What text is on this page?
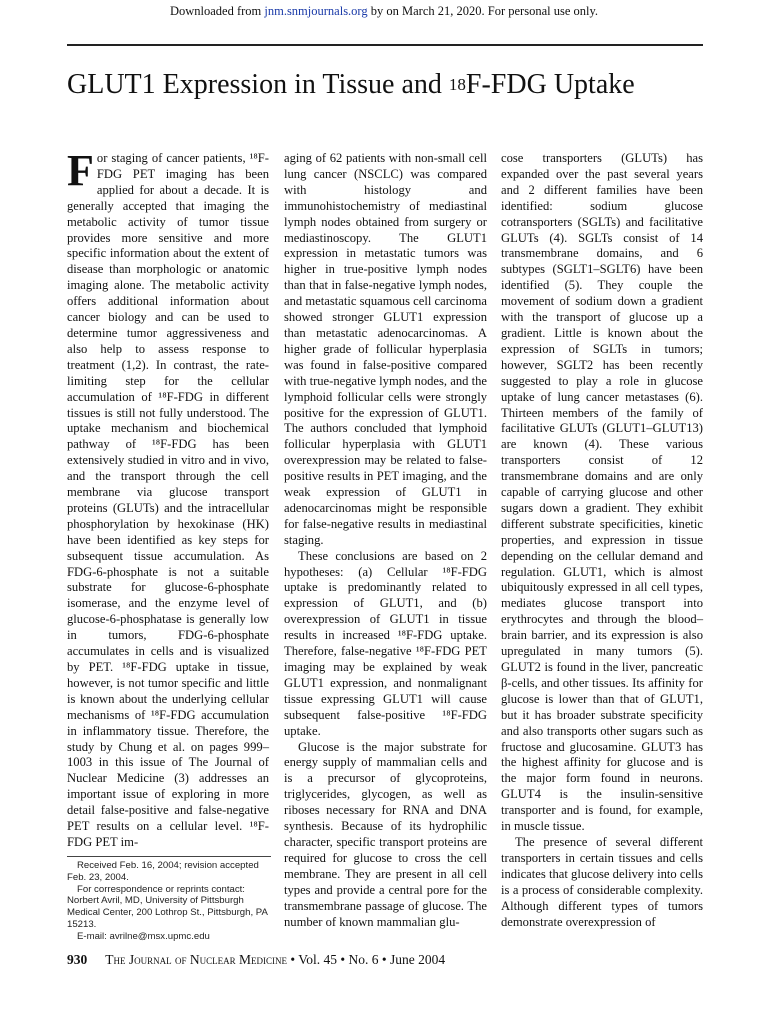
Downloaded from jnm.snmjournals.org by on March 21, 2020. For personal use only.
GLUT1 Expression in Tissue and $^{18}$F-FDG Uptake

For staging of cancer patients, ¹⁸F-FDG PET imaging has been applied for about a decade. It is generally accepted that imaging the metabolic activity of tumor tissue provides more sensitive and more specific information about the extent of disease than morphologic or anatomic imaging alone. The metabolic activity offers additional information about cancer biology and can be used to determine tumor aggressiveness and also help to assess response to treatment (1,2). In contrast, the rate-limiting step for the cellular accumulation of ¹⁸F-FDG in different tissues is still not fully understood. The uptake mechanism and biochemical pathway of ¹⁸F-FDG has been extensively studied in vitro and in vivo, and the transport through the cell membrane via glucose transport proteins (GLUTs) and the intracellular phosphorylation by hexokinase (HK) have been identified as key steps for subsequent tissue accumulation. As FDG-6-phosphate is not a suitable substrate for glucose-6-phosphate isomerase, and the enzyme level of glucose-6-phosphatase is generally low in tumors, FDG-6-phosphate accumulates in cells and is visualized by PET. ¹⁸F-FDG uptake in tissue, however, is not tumor specific and little is known about the underlying cellular mechanisms of ¹⁸F-FDG accumulation in inflammatory tissue. Therefore, the study by Chung et al. on pages 999–1003 in this issue of The Journal of Nuclear Medicine (3) addresses an important issue of exploring in more detail false-positive and false-negative PET results on a cellular level. ¹⁸F-FDG PET im-

aging of 62 patients with non-small cell lung cancer (NSCLC) was compared with histology and immunohistochemistry of mediastinal lymph nodes obtained from surgery or mediastinoscopy. The GLUT1 expression in metastatic tumors was higher in true-positive lymph nodes than that in false-negative lymph nodes, and metastatic squamous cell carcinoma showed stronger GLUT1 expression than metastatic adenocarcinomas. A higher grade of follicular hyperplasia was found in false-positive compared with true-negative lymph nodes, and the lymphoid follicular cells were strongly positive for the expression of GLUT1. The authors concluded that lymphoid follicular hyperplasia with GLUT1 overexpression may be related to false-positive results in PET imaging, and the weak expression of GLUT1 in adenocarcinomas might be responsible for false-negative results in mediastinal staging.

These conclusions are based on 2 hypotheses: (a) Cellular ¹⁸F-FDG uptake is predominantly related to expression of GLUT1, and (b) overexpression of GLUT1 in tissue results in increased ¹⁸F-FDG uptake. Therefore, false-negative ¹⁸F-FDG PET imaging may be explained by weak GLUT1 expression, and nonmalignant tissue expressing GLUT1 will cause subsequent false-positive ¹⁸F-FDG uptake.

Glucose is the major substrate for energy supply of mammalian cells and is a precursor of glycoproteins, triglycerides, glycogen, as well as riboses necessary for RNA and DNA synthesis. Because of its hydrophilic character, specific transport proteins are required for glucose to cross the cell membrane. They are present in all cell types and provide a central pore for the transmembrane passage of glucose. The number of known mammalian glu-

cose transporters (GLUTs) has expanded over the past several years and 2 different families have been identified: sodium glucose cotransporters (SGLTs) and facilitative GLUTs (4). SGLTs consist of 14 transmembrane domains, and 6 subtypes (SGLT1–SGLT6) have been identified (5). They couple the movement of sodium down a gradient with the transport of glucose up a gradient. Little is known about the expression of SGLTs in tumors; however, SGLT2 has been recently suggested to play a role in glucose uptake of lung cancer metastases (6). Thirteen members of the family of facilitative GLUTs (GLUT1–GLUT13) are known (4). These various transporters consist of 12 transmembrane domains and are only capable of carrying glucose and other sugars down a gradient. They exhibit different substrate specificities, kinetic properties, and expression in tissue depending on the cellular demand and regulation. GLUT1, which is almost ubiquitously expressed in all cell types, mediates glucose transport into erythrocytes and through the blood–brain barrier, and its expression is also upregulated in many tumors (5). GLUT2 is found in the liver, pancreatic β-cells, and other tissues. Its affinity for glucose is lower than that of GLUT1, but it has broader substrate specificity and also transports other sugars such as fructose and glucosamine. GLUT3 has the highest affinity for glucose and is the major form found in neurons. GLUT4 is the insulin-sensitive transporter and is found, for example, in muscle tissue.

The presence of several different transporters in certain tissues and cells indicates that glucose delivery into cells is a process of considerable complexity. Although different types of tumors demonstrate overexpression of

Received Feb. 16, 2004; revision accepted Feb. 23, 2004.

For correspondence or reprints contact: Norbert Avril, MD, University of Pittsburgh Medical Center, 200 Lothrop St., Pittsburgh, PA 15213.

E-mail: avrilne@msx.upmc.edu

930 The Journal of Nuclear Medicine • Vol. 45 • No. 6 • June 2004
